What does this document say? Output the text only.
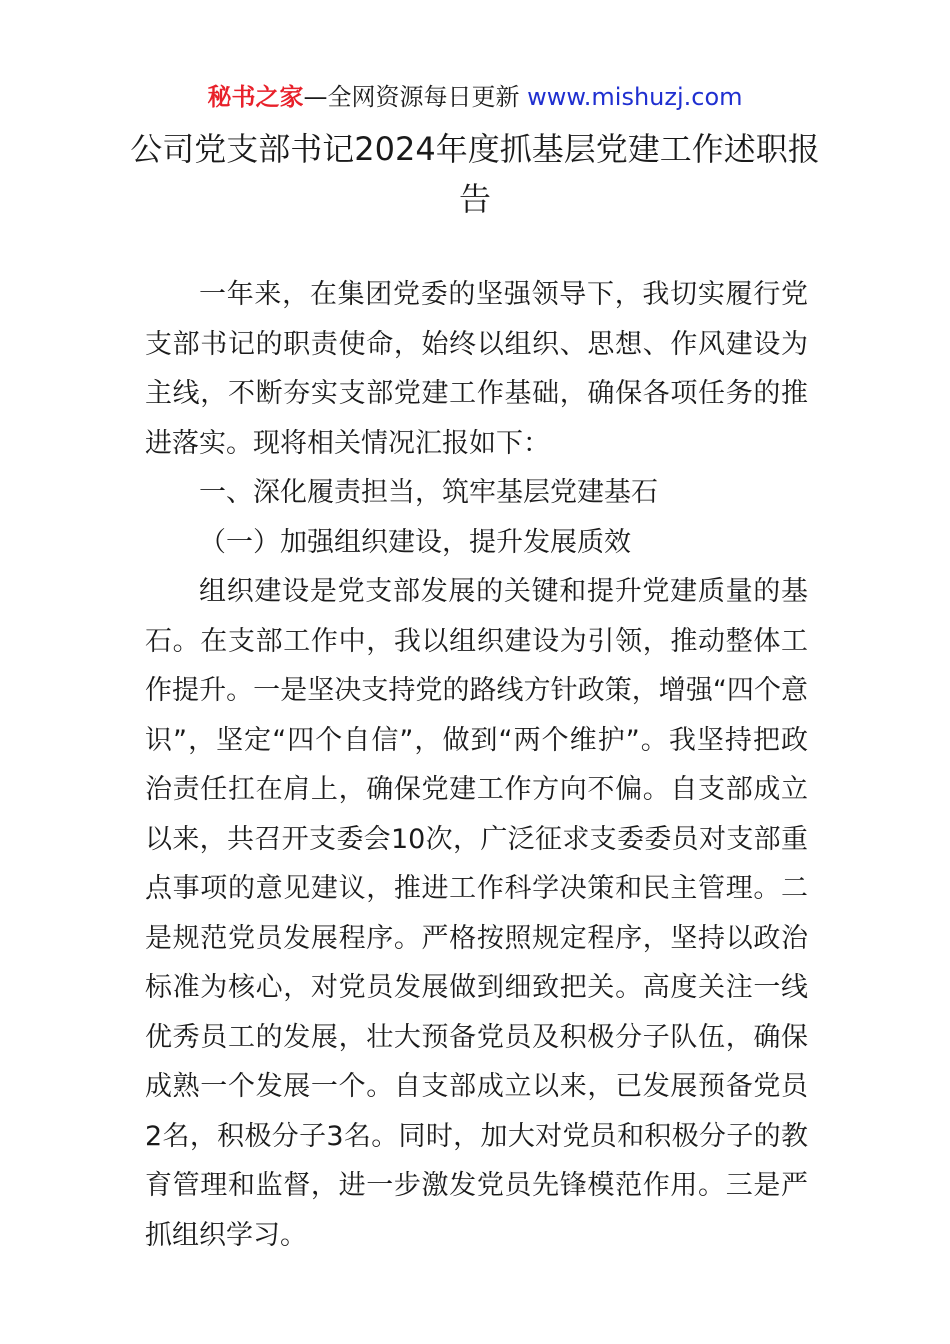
秘书之家—全网资源每日更新 www.mishuzj.com
公司党支部书记2024年度抓基层党建工作述职报告

一年来，在集团党委的坚强领导下，我切实履行党支部书记的职责使命，始终以组织、思想、作风建设为主线，不断夯实支部党建工作基础，确保各项任务的推进落实。现将相关情况汇报如下：

一、深化履责担当，筑牢基层党建基石

（一）加强组织建设，提升发展质效

组织建设是党支部发展的关键和提升党建质量的基石。在支部工作中，我以组织建设为引领，推动整体工作提升。一是坚决支持党的路线方针政策，增强“四个意识”，坚定“四个自信”，做到“两个维护”。我坚持把政治责任扛在肩上，确保党建工作方向不偏。自支部成立以来，共召开支委会10次，广泛征求支委委员对支部重点事项的意见建议，推进工作科学决策和民主管理。二是规范党员发展程序。严格按照规定程序，坚持以政治标准为核心，对党员发展做到细致把关。高度关注一线优秀员工的发展，壮大预备党员及积极分子队伍，确保成熟一个发展一个。自支部成立以来，已发展预备党员2名，积极分子3名。同时，加大对党员和积极分子的教育管理和监督，进一步激发党员先锋模范作用。三是严抓组织学习。
